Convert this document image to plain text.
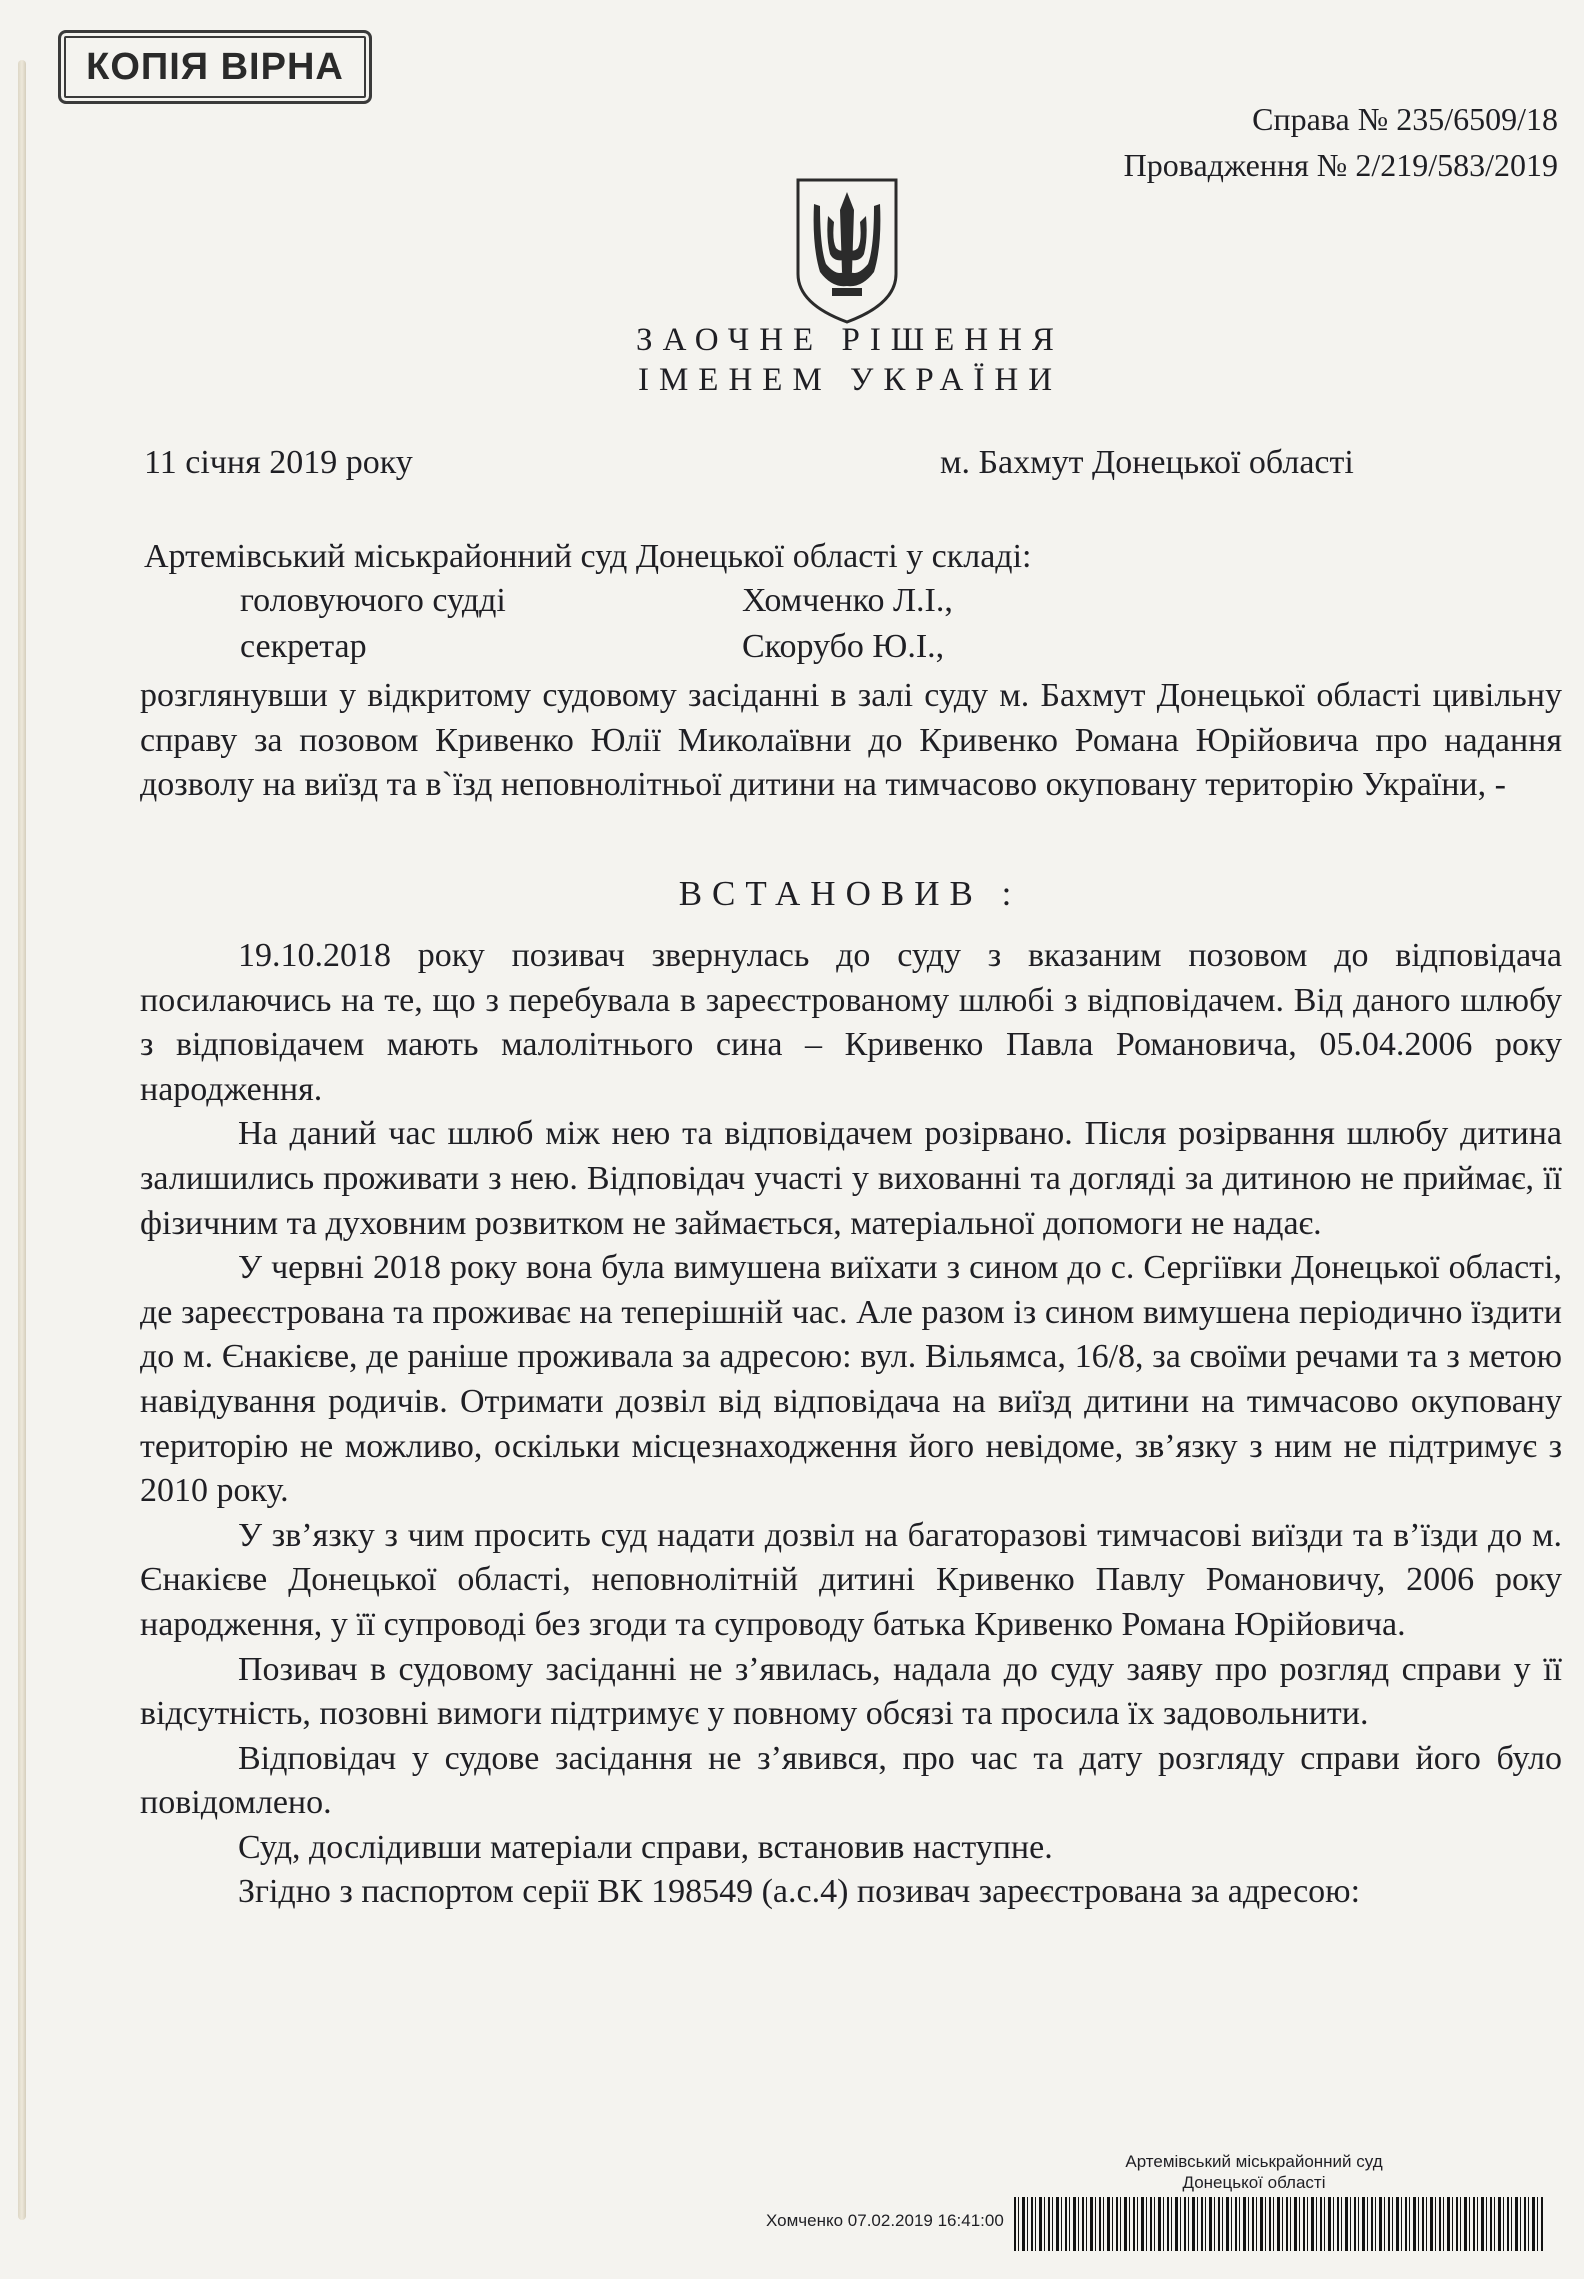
КОПІЯ ВІРНА
Справа № 235/6509/18
Провадження № 2/219/583/2019
ЗАОЧНЕ РІШЕННЯ
ІМЕНЕМ УКРАЇНИ
11 січня 2019 року	м. Бахмут Донецької області
Артемівський міськрайонний суд Донецької області у складі:
головуючого судді	Хомченко Л.І.,
секретар	Скорубо Ю.І.,
розглянувши у відкритому судовому засіданні в залі суду м. Бахмут Донецької області цивільну справу за позовом Кривенко Юлії Миколаївни до Кривенко Романа Юрійовича про надання дозволу на виїзд та в`їзд неповнолітньої дитини на тимчасово окуповану територію України, -
ВСТАНОВИВ :

19.10.2018 року позивач звернулась до суду з вказаним позовом до відповідача посилаючись на те, що з перебувала в зареєстрованому шлюбі з відповідачем. Від даного шлюбу з відповідачем мають малолітнього сина – Кривенко Павла Романовича, 05.04.2006 року народження.

На даний час шлюб між нею та відповідачем розірвано. Після розірвання шлюбу дитина залишились проживати з нею. Відповідач участі у вихованні та догляді за дитиною не приймає, її фізичним та духовним розвитком не займається, матеріальної допомоги не надає.

У червні 2018 року вона була вимушена виїхати з сином до с. Сергіївки Донецької області, де зареєстрована та проживає на теперішній час. Але разом із сином вимушена періодично їздити до м. Єнакієве, де раніше проживала за адресою: вул. Вільямса, 16/8, за своїми речами та з метою навідування родичів. Отримати дозвіл від відповідача на виїзд дитини на тимчасово окуповану територію не можливо, оскільки місцезнаходження його невідоме, зв’язку з ним не підтримує з 2010 року.

У зв’язку з чим просить суд надати дозвіл на багаторазові тимчасові виїзди та в’їзди до м. Єнакієве Донецької області, неповнолітній дитині Кривенко Павлу Романовичу, 2006 року народження, у її супроводі без згоди та супроводу батька Кривенко Романа Юрійовича.

Позивач в судовому засіданні не з’явилась, надала до суду заяву про розгляд справи у її відсутність, позовні вимоги підтримує у повному обсязі та просила їх задовольнити.

Відповідач у судове засідання не з’явився, про час та дату розгляду справи його було повідомлено.

Суд, дослідивши матеріали справи, встановив наступне.

Згідно з паспортом серії ВК 198549 (а.с.4) позивач зареєстрована за адресою:

Артемівський міськрайонний суд
Донецької області
Хомченко 07.02.2019 16:41:00
